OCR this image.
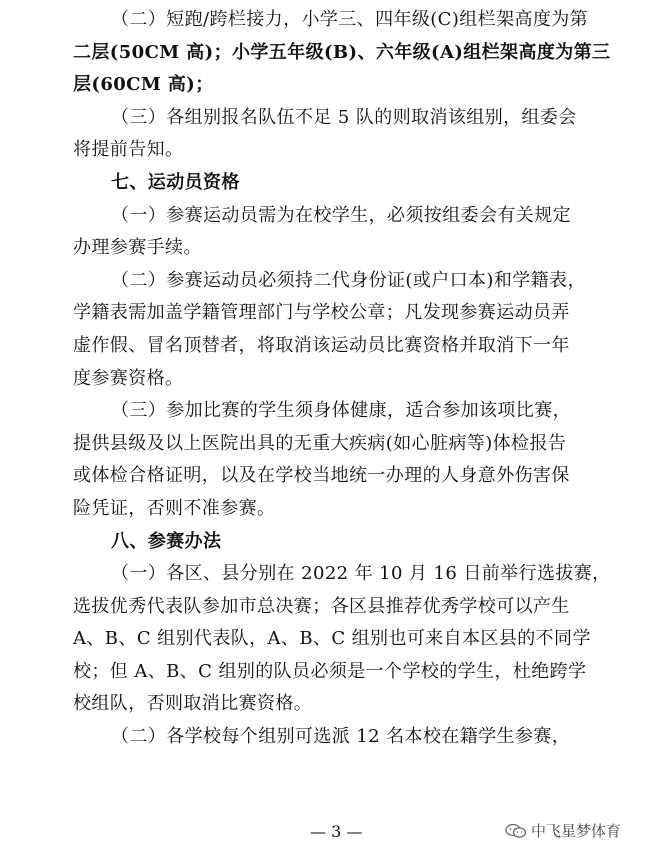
（二）短跑/跨栏接力，小学三、四年级(C)组栏架高度为第
二层(50CM 高)；小学五年级(B)、六年级(A)组栏架高度为第三
层(60CM 高)；
（三）各组别报名队伍不足 5 队的则取消该组别，组委会
将提前告知。
七、运动员资格
（一）参赛运动员需为在校学生，必须按组委会有关规定
办理参赛手续。
（二）参赛运动员必须持二代身份证(或户口本)和学籍表，
学籍表需加盖学籍管理部门与学校公章；凡发现参赛运动员弄
虚作假、冒名顶替者，将取消该运动员比赛资格并取消下一年
度参赛资格。
（三）参加比赛的学生须身体健康，适合参加该项比赛，
提供县级及以上医院出具的无重大疾病(如心脏病等)体检报告
或体检合格证明，以及在学校当地统一办理的人身意外伤害保
险凭证，否则不准参赛。
八、参赛办法
（一）各区、县分别在 2022 年 10 月 16 日前举行选拔赛，
选拔优秀代表队参加市总决赛；各区县推荐优秀学校可以产生
A、B、C 组别代表队，A、B、C 组别也可来自本区县的不同学
校；但 A、B、C 组别的队员必须是一个学校的学生，杜绝跨学
校组队，否则取消比赛资格。
（二）各学校每个组别可选派 12 名本校在籍学生参赛，
— 3 —	中飞星梦体育
